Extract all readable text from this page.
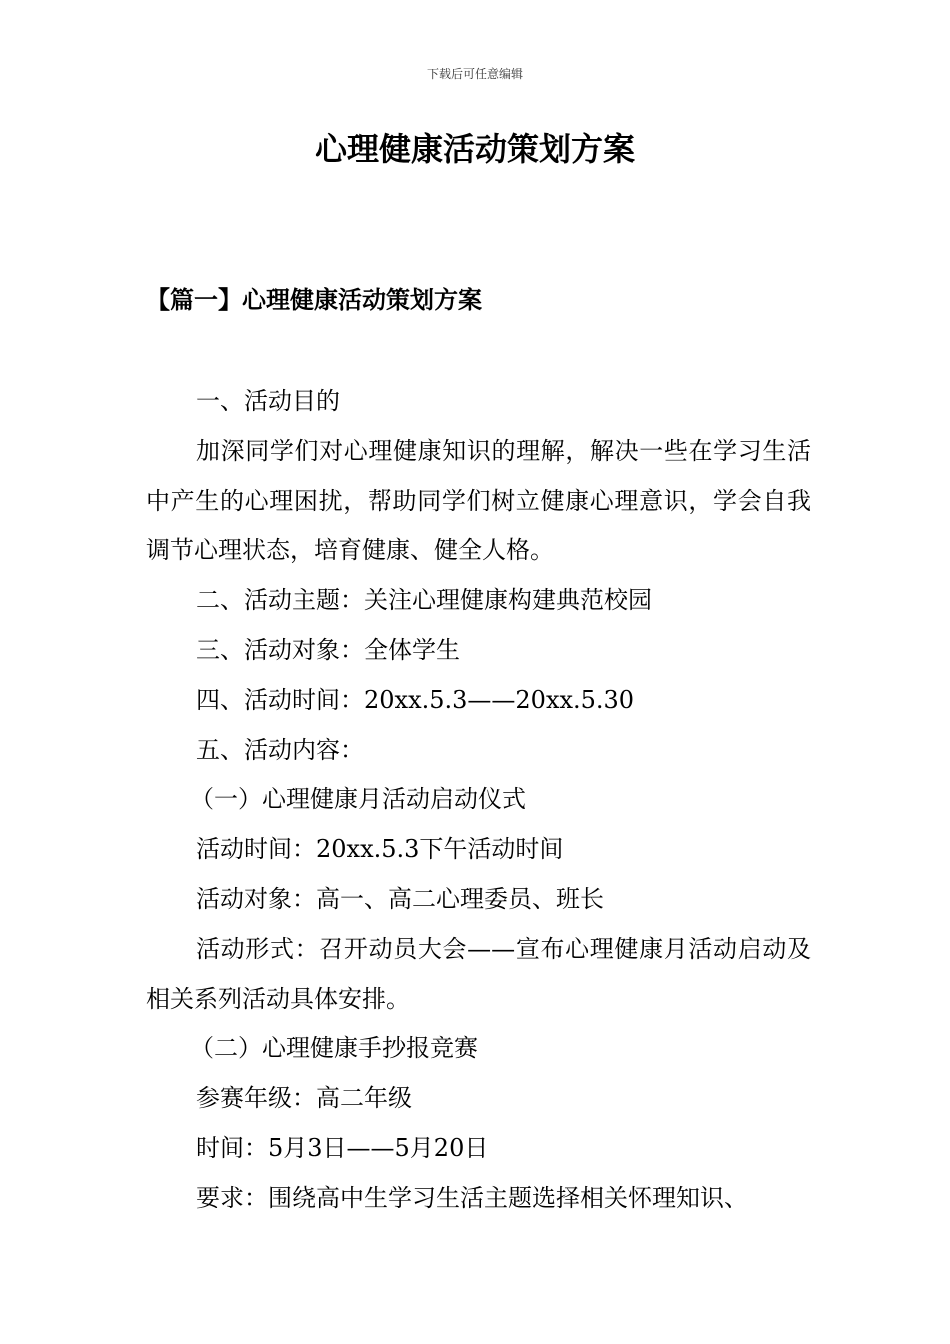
下载后可任意编辑
心理健康活动策划方案
【篇一】心理健康活动策划方案

一、活动目的

加深同学们对心理健康知识的理解，解决一些在学习生活中产生的心理困扰，帮助同学们树立健康心理意识，学会自我调节心理状态，培育健康、健全人格。

二、活动主题：关注心理健康构建典范校园

三、活动对象：全体学生

四、活动时间：20xx.5.3——20xx.5.30

五、活动内容：

（一）心理健康月活动启动仪式

活动时间：20xx.5.3下午活动时间

活动对象：高一、高二心理委员、班长

活动形式：召开动员大会——宣布心理健康月活动启动及相关系列活动具体安排。

（二）心理健康手抄报竞赛

参赛年级：高二年级

时间：5月3日——5月20日

要求：围绕高中生学习生活主题选择相关怀理知识、
